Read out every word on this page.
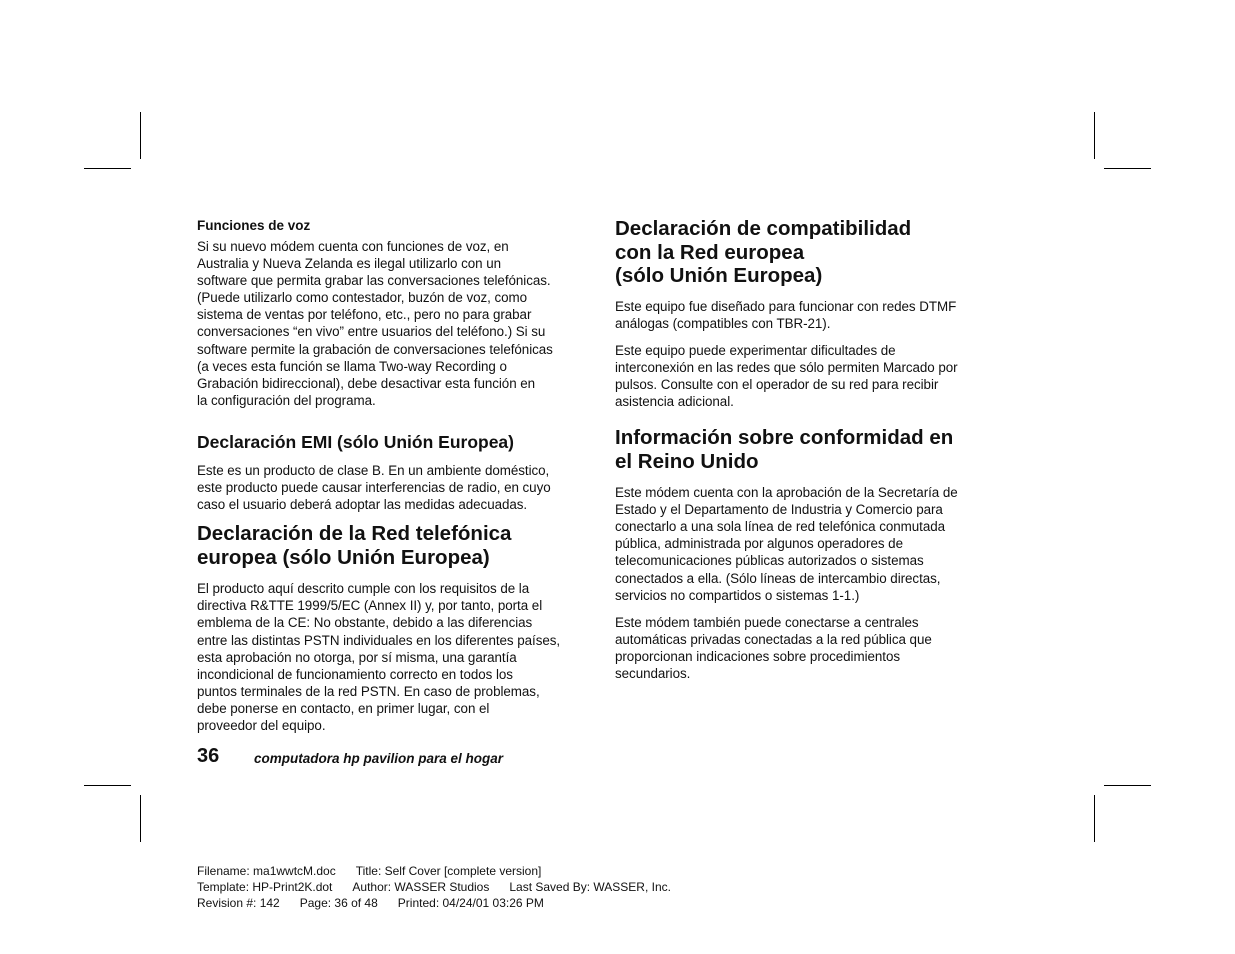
Funciones de voz

Si su nuevo módem cuenta con funciones de voz, en
Australia y Nueva Zelanda es ilegal utilizarlo con un
software que permita grabar las conversaciones telefónicas.
(Puede utilizarlo como contestador, buzón de voz, como
sistema de ventas por teléfono, etc., pero no para grabar
conversaciones “en vivo” entre usuarios del teléfono.) Si su
software permite la grabación de conversaciones telefónicas
(a veces esta función se llama Two-way Recording o
Grabación bidireccional), debe desactivar esta función en
la configuración del programa.

Declaración EMI (sólo Unión Europea)

Este es un producto de clase B. En un ambiente doméstico,
este producto puede causar interferencias de radio, en cuyo
caso el usuario deberá adoptar las medidas adecuadas.

Declaración de la Red telefónica
europea (sólo Unión Europea)

El producto aquí descrito cumple con los requisitos de la
directiva R&TTE 1999/5/EC (Annex II) y, por tanto, porta el
emblema de la CE: No obstante, debido a las diferencias
entre las distintas PSTN individuales en los diferentes países,
esta aprobación no otorga, por sí misma, una garantía
incondicional de funcionamiento correcto en todos los
puntos terminales de la red PSTN. En caso de problemas,
debe ponerse en contacto, en primer lugar, con el
proveedor del equipo.

Declaración de compatibilidad
con la Red europea
(sólo Unión Europea)

Este equipo fue diseñado para funcionar con redes DTMF
análogas (compatibles con TBR-21).

Este equipo puede experimentar dificultades de
interconexión en las redes que sólo permiten Marcado por
pulsos. Consulte con el operador de su red para recibir
asistencia adicional.

Información sobre conformidad en
el Reino Unido

Este módem cuenta con la aprobación de la Secretaría de
Estado y el Departamento de Industria y Comercio para
conectarlo a una sola línea de red telefónica conmutada
pública, administrada por algunos operadores de
telecomunicaciones públicas autorizados o sistemas
conectados a ella. (Sólo líneas de intercambio directas,
servicios no compartidos o sistemas 1-1.)

Este módem también puede conectarse a centrales
automáticas privadas conectadas a la red pública que
proporcionan indicaciones sobre procedimientos
secundarios.

36	computadora hp pavilion para el hogar
Filename: ma1wwtcM.doc Title: Self Cover [complete version]
Template: HP-Print2K.dot Author: WASSER Studios Last Saved By: WASSER, Inc.
Revision #: 142 Page: 36 of 48 Printed: 04/24/01 03:26 PM
